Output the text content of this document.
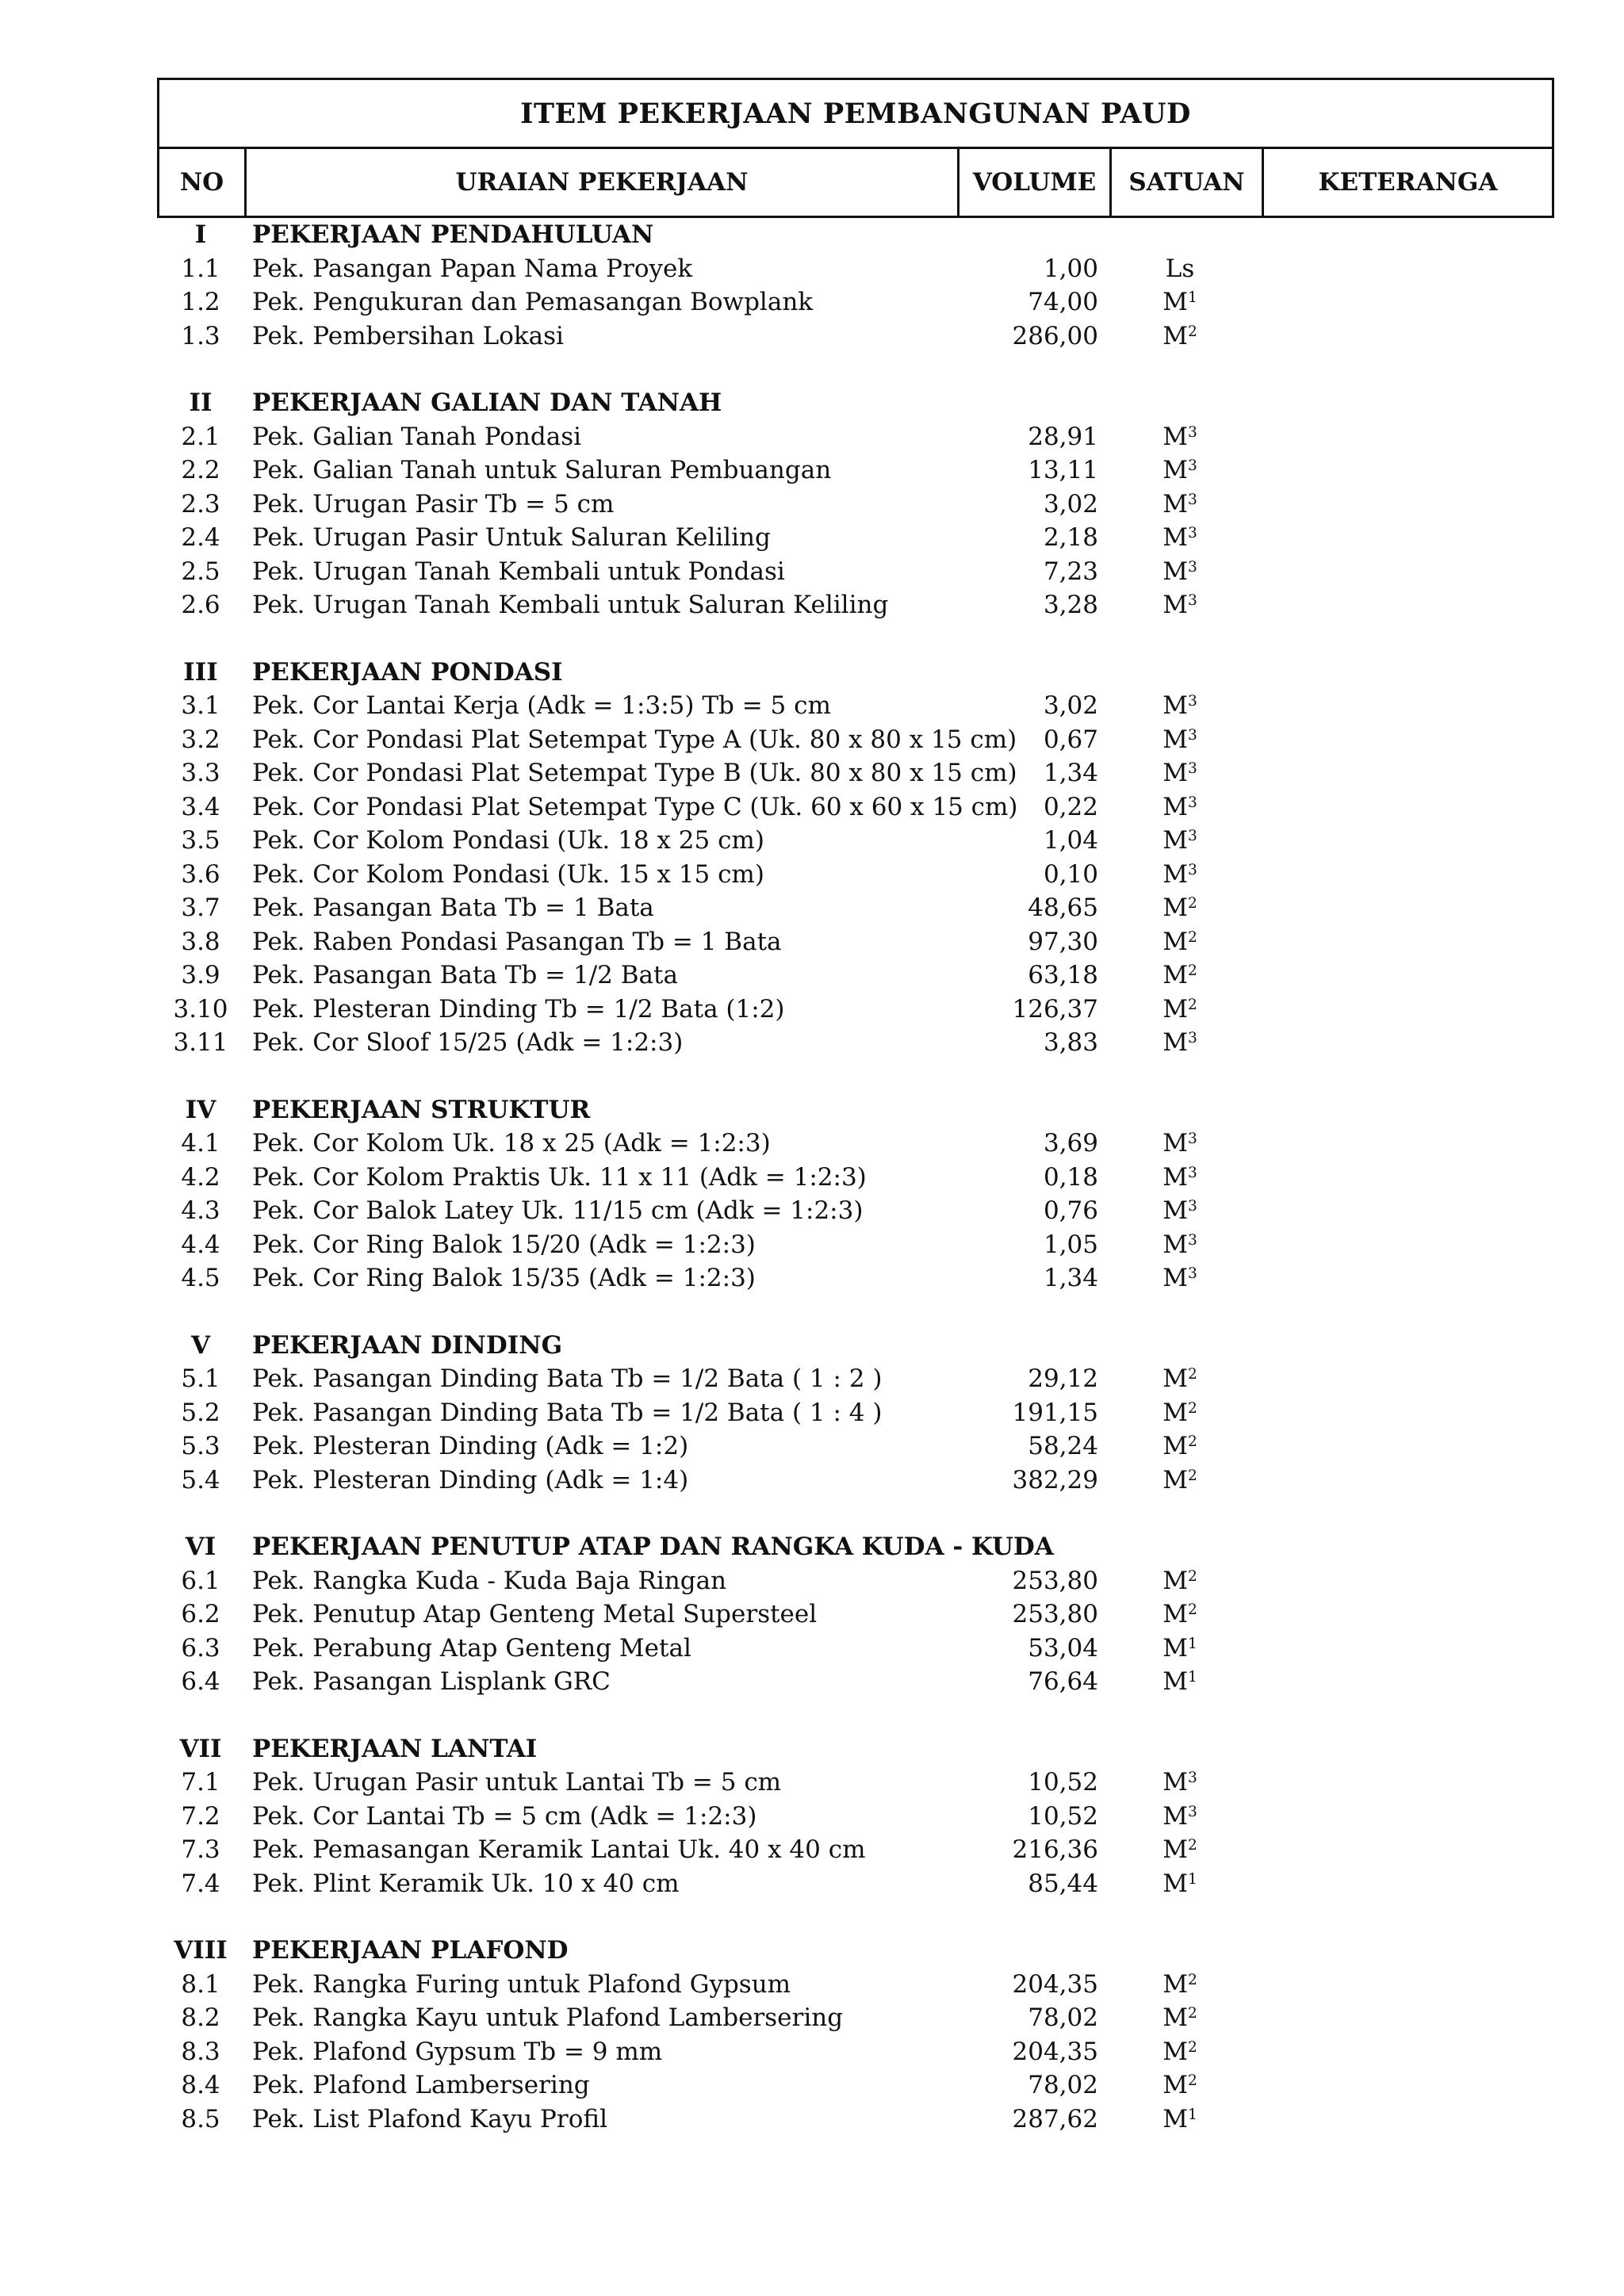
ITEM PEKERJAAN PEMBANGUNAN PAUD
NO	URAIAN PEKERJAAN	VOLUME	SATUAN	KETERANGA
I	PEKERJAAN PENDAHULUAN
1.1	Pek. Pasangan Papan Nama Proyek	1,00	Ls
1.2	Pek. Pengukuran dan Pemasangan Bowplank	74,00	$M^1$
1.3	Pek. Pembersihan Lokasi	286,00	$M^2$
II	PEKERJAAN GALIAN DAN TANAH
2.1	Pek. Galian Tanah Pondasi	28,91	$M^3$
2.2	Pek. Galian Tanah untuk Saluran Pembuangan	13,11	$M^3$
2.3	Pek. Urugan Pasir Tb = 5 cm	3,02	$M^3$
2.4	Pek. Urugan Pasir Untuk Saluran Keliling	2,18	$M^3$
2.5	Pek. Urugan Tanah Kembali untuk Pondasi	7,23	$M^3$
2.6	Pek. Urugan Tanah Kembali untuk Saluran Keliling	3,28	$M^3$
III	PEKERJAAN PONDASI
3.1	Pek. Cor Lantai Kerja (Adk = 1:3:5) Tb = 5 cm	3,02	$M^3$
3.2	Pek. Cor Pondasi Plat Setempat Type A (Uk. 80 x 80 x 15 cm)	0,67	$M^3$
3.3	Pek. Cor Pondasi Plat Setempat Type B (Uk. 80 x 80 x 15 cm)	1,34	$M^3$
3.4	Pek. Cor Pondasi Plat Setempat Type C (Uk. 60 x 60 x 15 cm)	0,22	$M^3$
3.5	Pek. Cor Kolom Pondasi (Uk. 18 x 25 cm)	1,04	$M^3$
3.6	Pek. Cor Kolom Pondasi (Uk. 15 x 15 cm)	0,10	$M^3$
3.7	Pek. Pasangan Bata Tb = 1 Bata	48,65	$M^2$
3.8	Pek. Raben Pondasi Pasangan Tb = 1 Bata	97,30	$M^2$
3.9	Pek. Pasangan Bata Tb = 1/2 Bata	63,18	$M^2$
3.10 Pek. Plesteran Dinding Tb = 1/2 Bata (1:2)	126,37	$M^2$
3.11 Pek. Cor Sloof 15/25 (Adk = 1:2:3)	3,83	$M^3$
IV	PEKERJAAN STRUKTUR
4.1	Pek. Cor Kolom Uk. 18 x 25 (Adk = 1:2:3)	3,69	$M^3$
4.2	Pek. Cor Kolom Praktis Uk. 11 x 11 (Adk = 1:2:3)	0,18	$M^3$
4.3	Pek. Cor Balok Latey Uk. 11/15 cm (Adk = 1:2:3)	0,76	$M^3$
4.4	Pek. Cor Ring Balok 15/20 (Adk = 1:2:3)	1,05	$M^3$
4.5	Pek. Cor Ring Balok 15/35 (Adk = 1:2:3)	1,34	$M^3$
V	PEKERJAAN DINDING
5.1	Pek. Pasangan Dinding Bata Tb = 1/2 Bata ( 1 : 2 )	29,12	$M^2$
5.2	Pek. Pasangan Dinding Bata Tb = 1/2 Bata ( 1 : 4 )	191,15	$M^2$
5.3	Pek. Plesteran Dinding (Adk = 1:2)	58,24	$M^2$
5.4	Pek. Plesteran Dinding (Adk = 1:4)	382,29	$M^2$
VI	PEKERJAAN PENUTUP ATAP DAN RANGKA KUDA - KUDA
6.1	Pek. Rangka Kuda - Kuda Baja Ringan	253,80	$M^2$
6.2	Pek. Penutup Atap Genteng Metal Supersteel	253,80	$M^2$
6.3	Pek. Perabung Atap Genteng Metal	53,04	$M^1$
6.4	Pek. Pasangan Lisplank GRC	76,64	$M^1$
VII	PEKERJAAN LANTAI
7.1	Pek. Urugan Pasir untuk Lantai Tb = 5 cm	10,52	$M^3$
7.2	Pek. Cor Lantai Tb = 5 cm (Adk = 1:2:3)	10,52	$M^3$
7.3	Pek. Pemasangan Keramik Lantai Uk. 40 x 40 cm	216,36	$M^2$
7.4	Pek. Plint Keramik Uk. 10 x 40 cm	85,44	$M^1$
VIII	PEKERJAAN PLAFOND
8.1	Pek. Rangka Furing untuk Plafond Gypsum	204,35	$M^2$
8.2	Pek. Rangka Kayu untuk Plafond Lambersering	78,02	$M^2$
8.3	Pek. Plafond Gypsum Tb = 9 mm	204,35	$M^2$
8.4	Pek. Plafond Lambersering	78,02	$M^2$
8.5	Pek. List Plafond Kayu Profil	287,62	$M^1$
